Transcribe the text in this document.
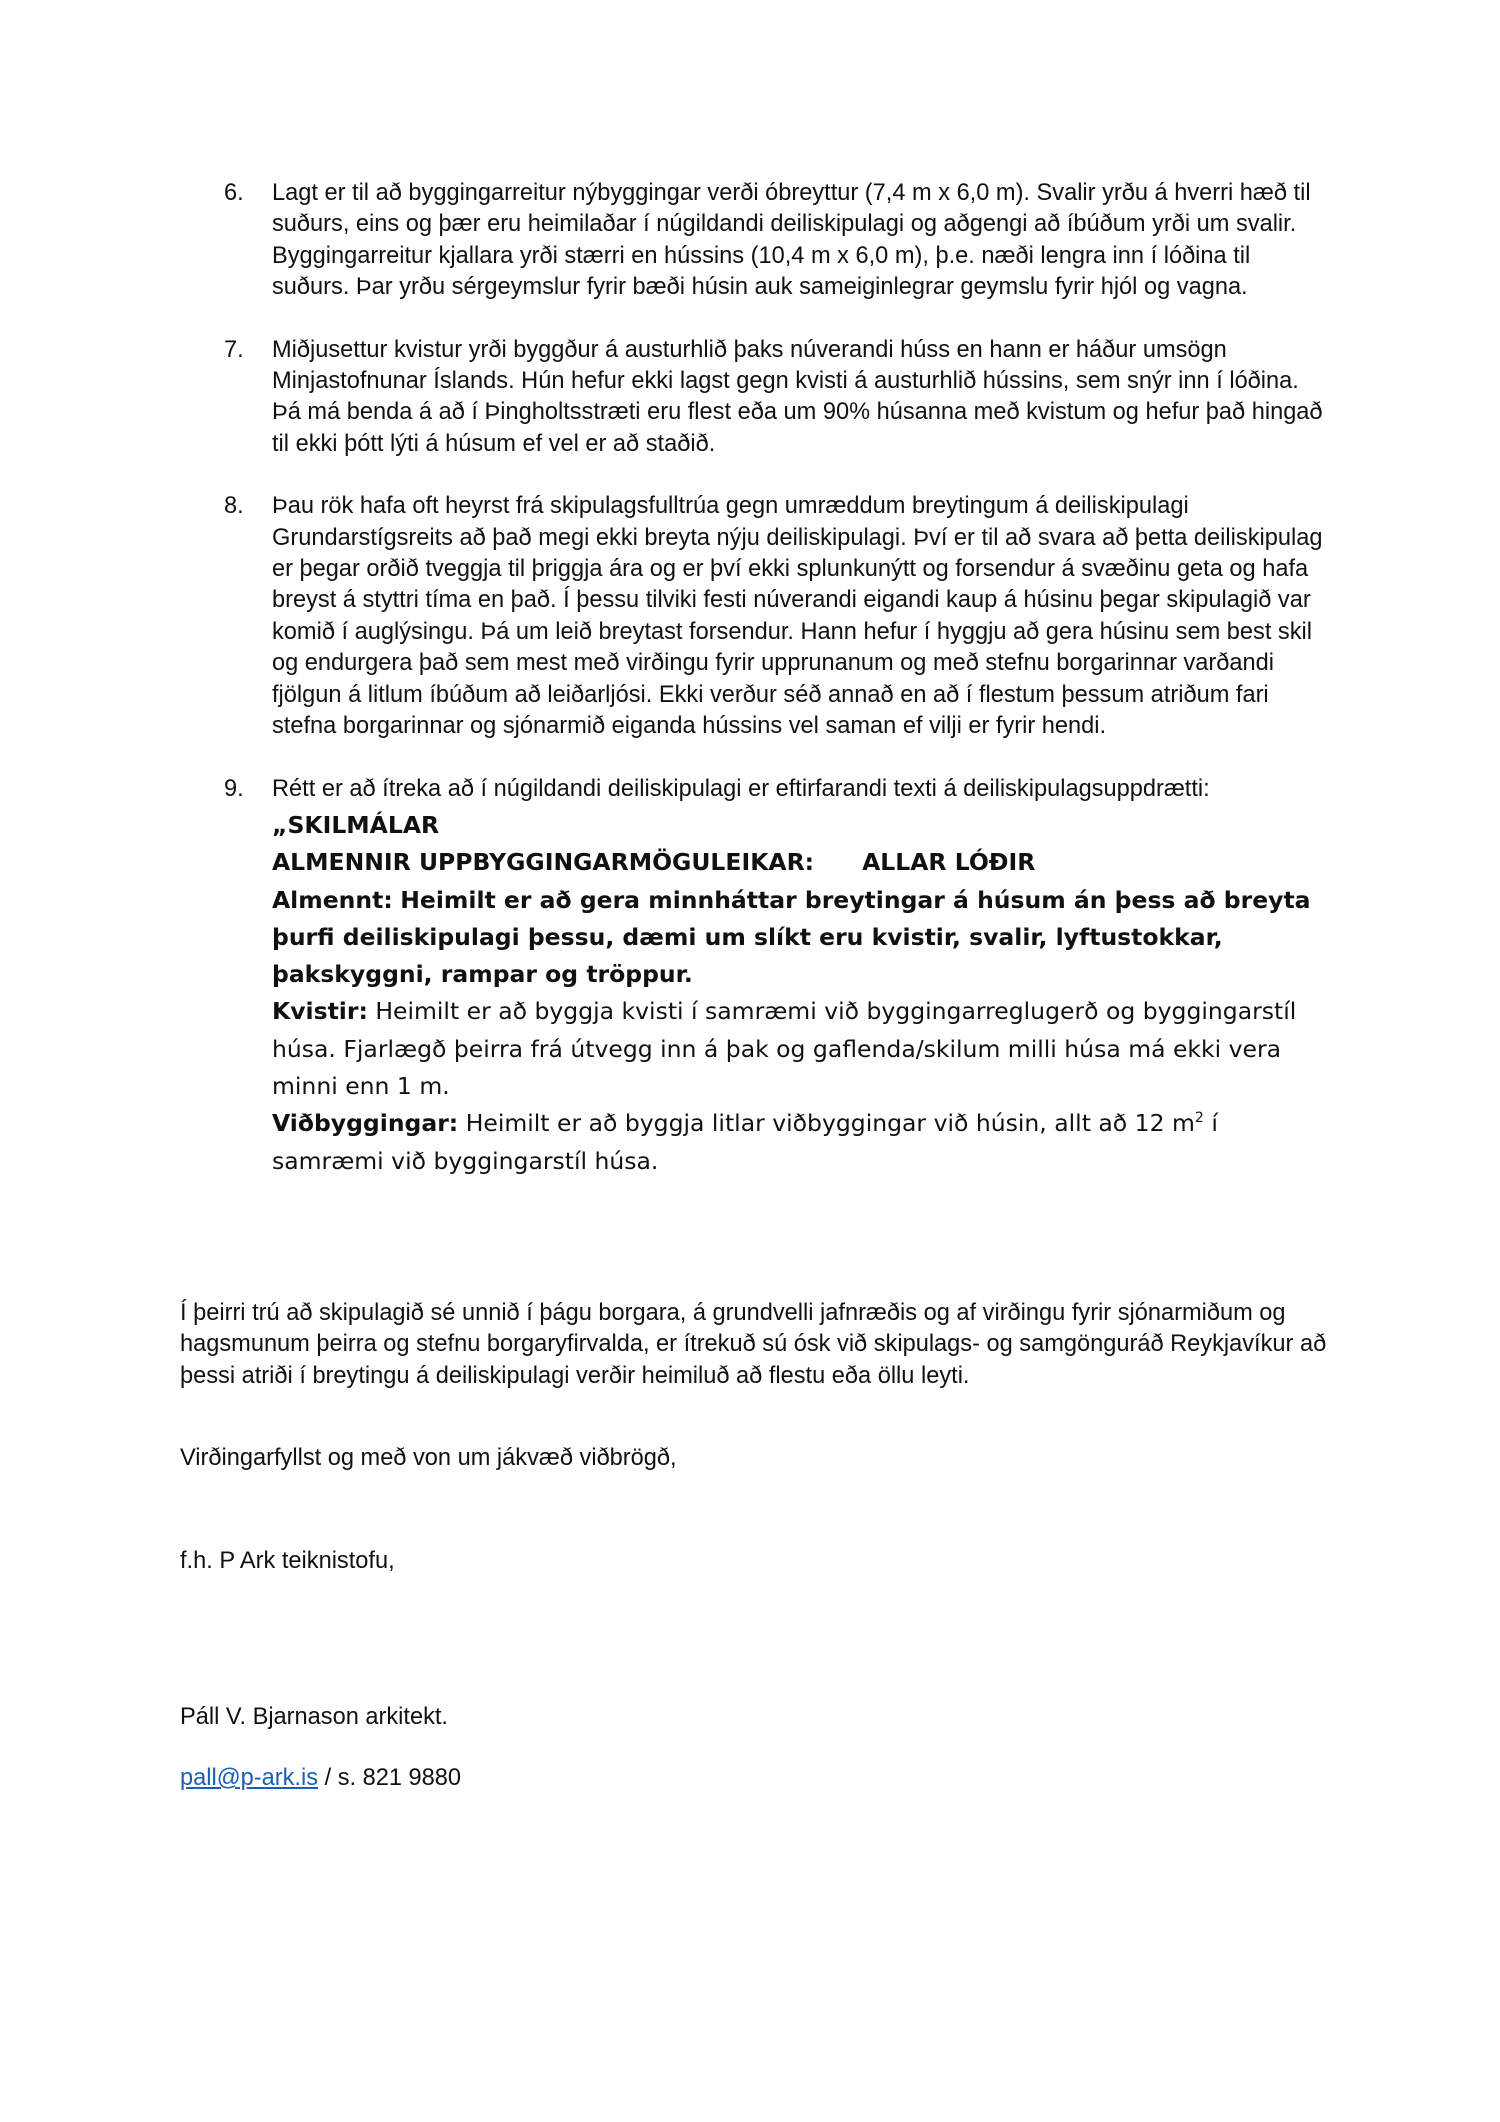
6. Lagt er til að byggingarreitur nýbyggingar verði óbreyttur (7,4 m x 6,0 m). Svalir yrðu á hverri hæð til suðurs, eins og þær eru heimilaðar í núgildandi deiliskipulagi og aðgengi að íbúðum yrði um svalir. Byggingarreitur kjallara yrði stærri en hússins (10,4 m x 6,0 m), þ.e. næði lengra inn í lóðina til suðurs. Þar yrðu sérgeymslur fyrir bæði húsin auk sameiginlegrar geymslu fyrir hjól og vagna.
7. Miðjusettur kvistur yrði byggður á austurhlið þaks núverandi húss en hann er háður umsögn Minjastofnunar Íslands. Hún hefur ekki lagst gegn kvisti á austurhlið hússins, sem snýr inn í lóðina. Þá má benda á að í Þingholtsstræti eru flest eða um 90% húsanna með kvistum og hefur það hingað til ekki þótt lýti á húsum ef vel er að staðið.
8. Þau rök hafa oft heyrst frá skipulagsfulltrúa gegn umræddum breytingum á deiliskipulagi Grundarstígsreits að það megi ekki breyta nýju deiliskipulagi. Því er til að svara að þetta deiliskipulag er þegar orðið tveggja til þriggja ára og er því ekki splunkunýtt og forsendur á svæðinu geta og hafa breyst á styttri tíma en það. Í þessu tilviki festi núverandi eigandi kaup á húsinu þegar skipulagið var komið í auglýsingu. Þá um leið breytast forsendur. Hann hefur í hyggju að gera húsinu sem best skil og endurgera það sem mest með virðingu fyrir upprunanum og með stefnu borgarinnar varðandi fjölgun á litlum íbúðum að leiðarljósi. Ekki verður séð annað en að í flestum þessum atriðum fari stefna borgarinnar og sjónarmið eiganda hússins vel saman ef vilji er fyrir hendi.
9. Rétt er að ítreka að í núgildandi deiliskipulagi er eftirfarandi texti á deiliskipulagsuppdrætti:
„SKILMÁLAR
ALMENNIR UPPBYGGINGARMÖGULEIKAR: ALLAR LÓÐIR
Almennt: Heimilt er að gera minnháttar breytingar á húsum án þess að breyta þurfi deiliskipulagi þessu, dæmi um slíkt eru kvistir, svalir, lyftustokkar, þakskyggni, rampar og tröppur.
Kvistir: Heimilt er að byggja kvisti í samræmi við byggingarreglugerð og byggingarstíl húsa. Fjarlægð þeirra frá útvegg inn á þak og gaflenda/skilum milli húsa má ekki vera minni enn 1 m.
Viðbyggingar: Heimilt er að byggja litlar viðbyggingar við húsin, allt að 12 $m^2$ í samræmi við byggingarstíl húsa.

Í þeirri trú að skipulagið sé unnið í þágu borgara, á grundvelli jafnræðis og af virðingu fyrir sjónarmiðum og hagsmunum þeirra og stefnu borgaryfirvalda, er ítrekuð sú ósk við skipulags- og samgönguráð Reykjavíkur að þessi atriði í breytingu á deiliskipulagi verðir heimiluð að flestu eða öllu leyti.

Virðingarfyllst og með von um jákvæð viðbrögð,
f.h. P Ark teiknistofu,
Páll V. Bjarnason arkitekt.
pall@p-ark.is / s. 821 9880
